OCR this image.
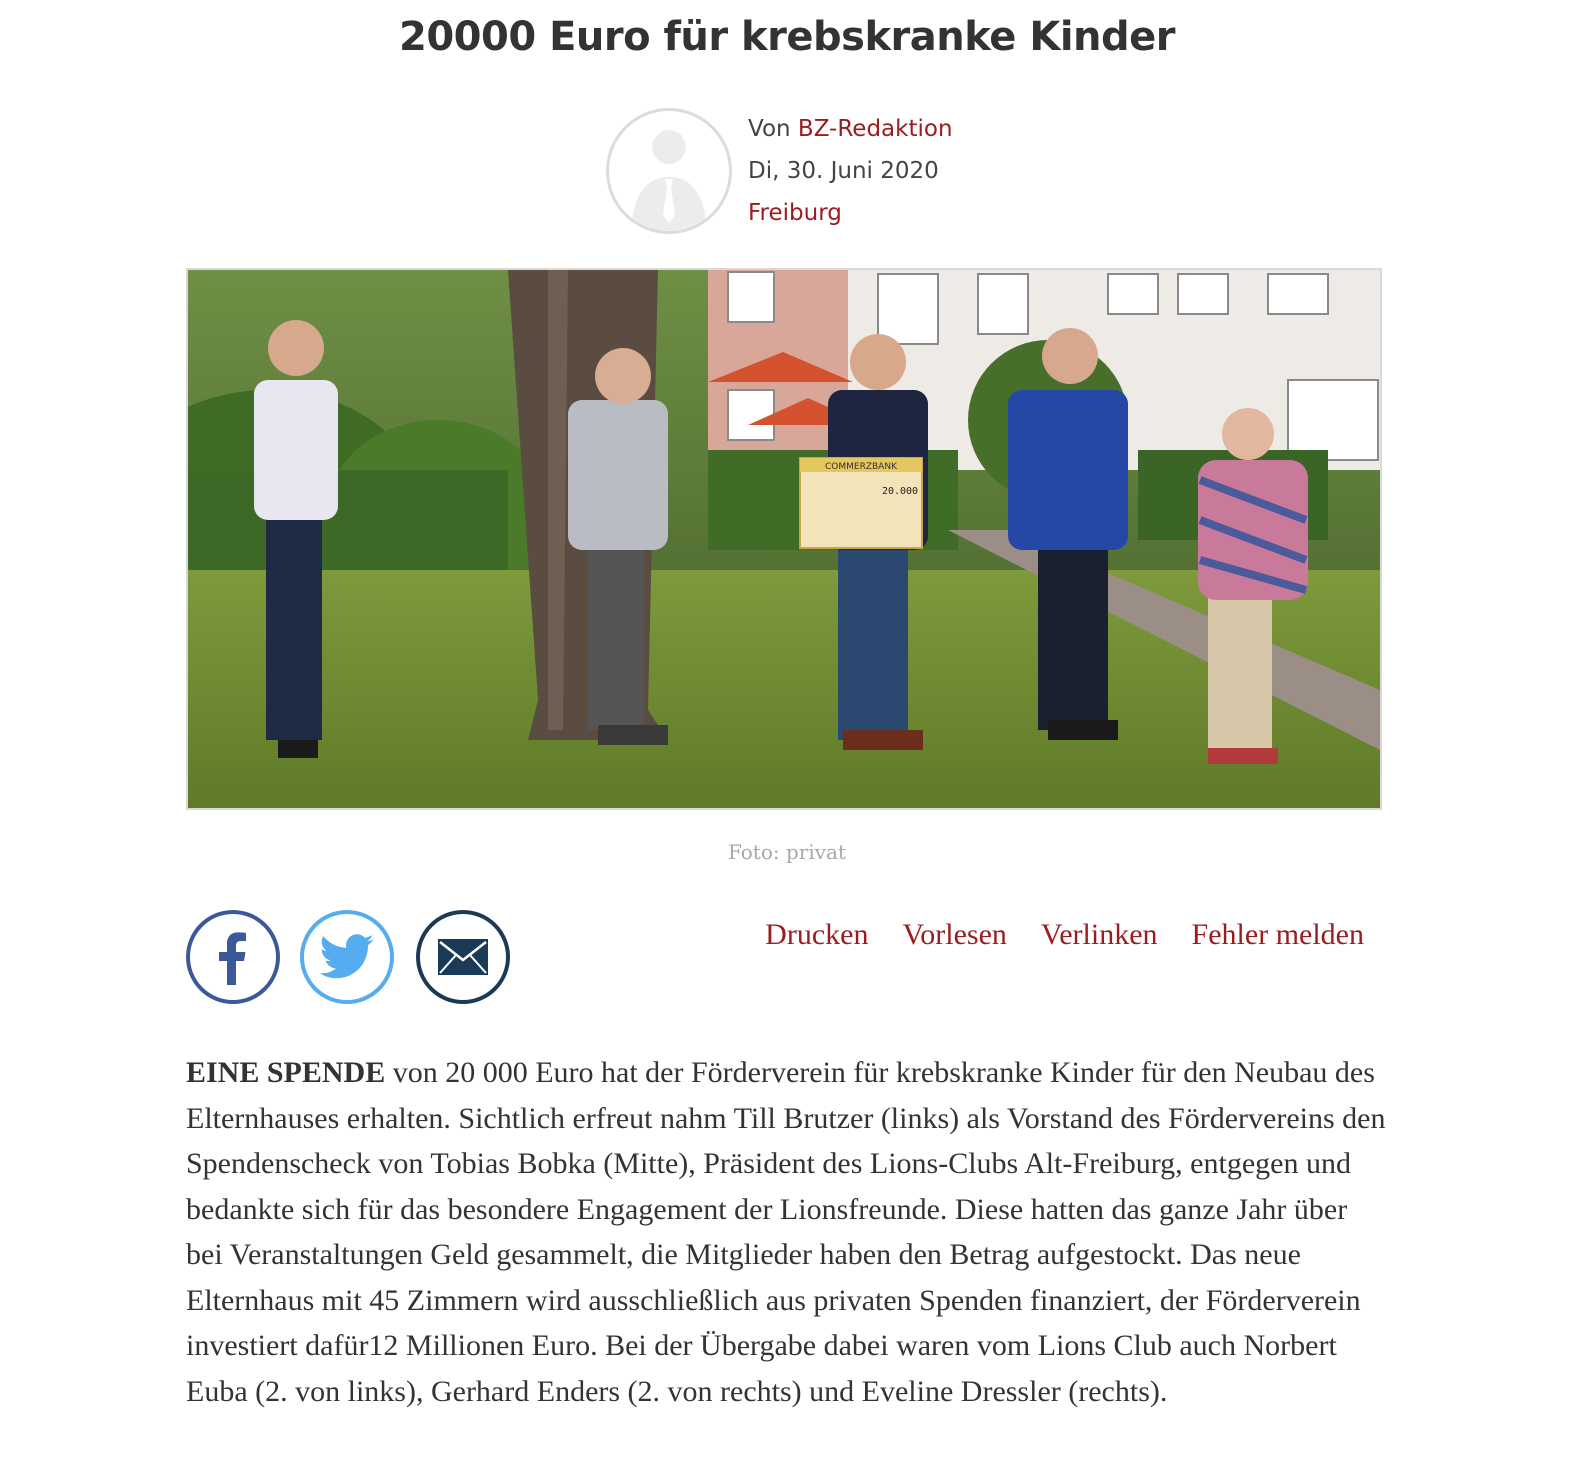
20000 Euro für krebskranke Kinder
Von BZ-Redaktion
Di, 30. Juni 2020
Freiburg
COMMERZBANK
20.000
Foto: privat
Drucken Vorlesen Verlinken Fehler melden

EINE SPENDE von 20 000 Euro hat der Förderverein für krebskranke Kinder für den Neubau des Elternhauses erhalten. Sichtlich erfreut nahm Till Brutzer (links) als Vorstand des Fördervereins den Spendenscheck von Tobias Bobka (Mitte), Präsident des Lions-Clubs Alt-Freiburg, entgegen und bedankte sich für das besondere Engagement der Lionsfreunde. Diese hatten das ganze Jahr über bei Veranstaltungen Geld gesammelt, die Mitglieder haben den Betrag aufgestockt. Das neue Elternhaus mit 45 Zimmern wird ausschließlich aus privaten Spenden finanziert, der Förderverein investiert dafür12 Millionen Euro. Bei der Übergabe dabei waren vom Lions Club auch Norbert Euba (2. von links), Gerhard Enders (2. von rechts) und Eveline Dressler (rechts).
